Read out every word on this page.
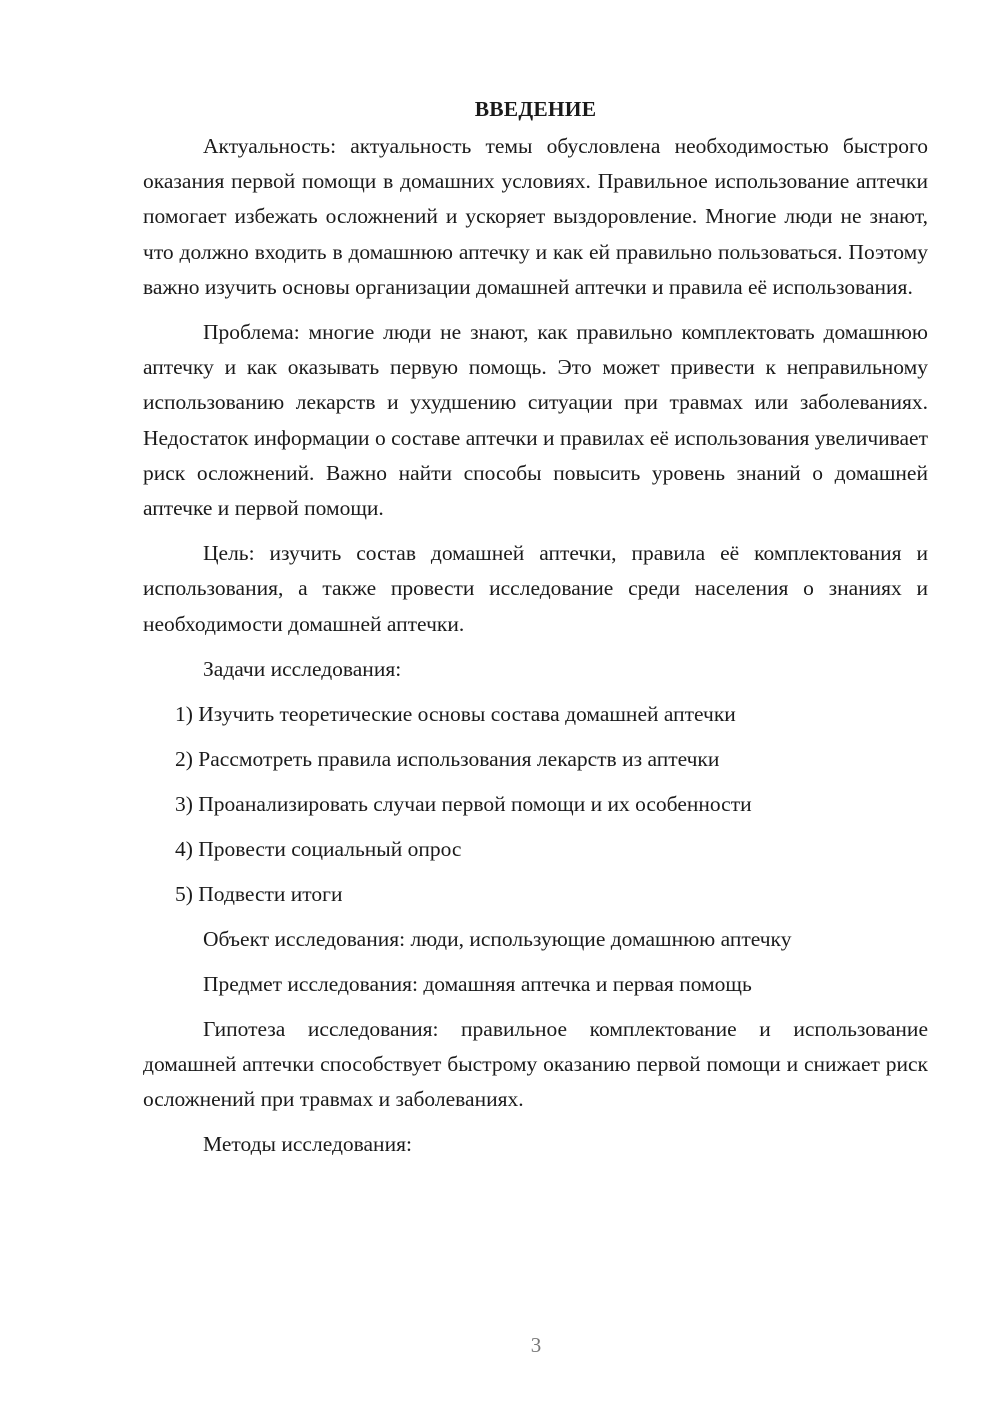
ВВЕДЕНИЕ

Актуальность: актуальность темы обусловлена необходимостью быстрого оказания первой помощи в домашних условиях. Правильное использование аптечки помогает избежать осложнений и ускоряет выздоровление. Многие люди не знают, что должно входить в домашнюю аптечку и как ей правильно пользоваться. Поэтому важно изучить основы организации домашней аптечки и правила её использования.

Проблема: многие люди не знают, как правильно комплектовать домашнюю аптечку и как оказывать первую помощь. Это может привести к неправильному использованию лекарств и ухудшению ситуации при травмах или заболеваниях. Недостаток информации о составе аптечки и правилах её использования увеличивает риск осложнений. Важно найти способы повысить уровень знаний о домашней аптечке и первой помощи.

Цель: изучить состав домашней аптечки, правила её комплектования и использования, а также провести исследование среди населения о знаниях и необходимости домашней аптечки.

Задачи исследования:

1) Изучить теоретические основы состава домашней аптечки

2) Рассмотреть правила использования лекарств из аптечки

3) Проанализировать случаи первой помощи и их особенности

4) Провести социальный опрос

5) Подвести итоги

Объект исследования: люди, использующие домашнюю аптечку

Предмет исследования: домашняя аптечка и первая помощь

Гипотеза исследования: правильное комплектование и использование домашней аптечки способствует быстрому оказанию первой помощи и снижает риск осложнений при травмах и заболеваниях.

Методы исследования:

3
